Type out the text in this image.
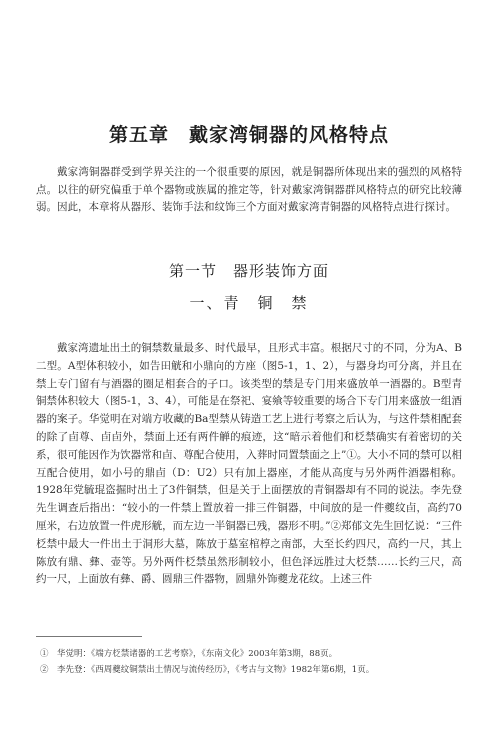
第五章　戴家湾铜器的风格特点
戴家湾铜器群受到学界关注的一个很重要的原因，就是铜器所体现出来的强烈的风格特点。以往的研究偏重于单个器物或族属的推定等，针对戴家湾铜器群风格特点的研究比较薄弱。因此，本章将从器形、装饰手法和纹饰三个方面对戴家湾青铜器的风格特点进行探讨。
第一节　器形装饰方面
一、青　铜　禁

戴家湾遗址出土的铜禁数量最多、时代最早，且形式丰富。根据尺寸的不同，分为A、B二型。A型体积较小，如告田觥和小鼎向的方座（图5-1，1、2），与器身均可分离，并且在禁上专门留有与酒器的圈足相套合的子口。该类型的禁是专门用来盛放单一酒器的。B型青铜禁体积较大（图5-1，3、4），可能是在祭祀、宴飨等较重要的场合下专门用来盛放一组酒器的案子。华觉明在对端方收藏的Ba型禁从铸造工艺上进行考察之后认为，与这件禁相配套的除了卣尊、卣卣外，禁面上还有两件觯的痕迹，这“暗示着他们和柉禁确实有着密切的关系，很可能因作为饮器常和卣、尊配合使用，入葬时同置禁面之上”①。大小不同的禁可以相互配合使用，如小号的鼎卣（D：U2）只有加上器座，才能从高度与另外两件酒器相称。1928年党毓琨盗掘时出土了3件铜禁，但是关于上面摆放的青铜器却有不同的说法。李先登先生调查后指出：“较小的一件禁上置放着一排三件铜器，中间放的是一件夔纹卣，高约70厘米，右边放置一件虎形觥，而左边一半铜器已残，器形不明。”②郑郁文先生回忆说：“三件柉禁中最大一件出土于洞形大墓，陈放于墓室棺椁之南部，大至长约四尺，高约一尺，其上陈放有鼎、彝、壶等。另外两件柉禁虽然形制较小，但色泽远胜过大柉禁……长约三尺，高约一尺，上面放有彝、爵、圆鼎三件器物，圆鼎外饰夔龙花纹。上述三件

①　华觉明：《端方柉禁诸器的工艺考察》，《东南文化》2003年第3期，88页。
②　李先登：《西周夔纹铜禁出土情况与流传经历》，《考古与文物》1982年第6期，1页。
